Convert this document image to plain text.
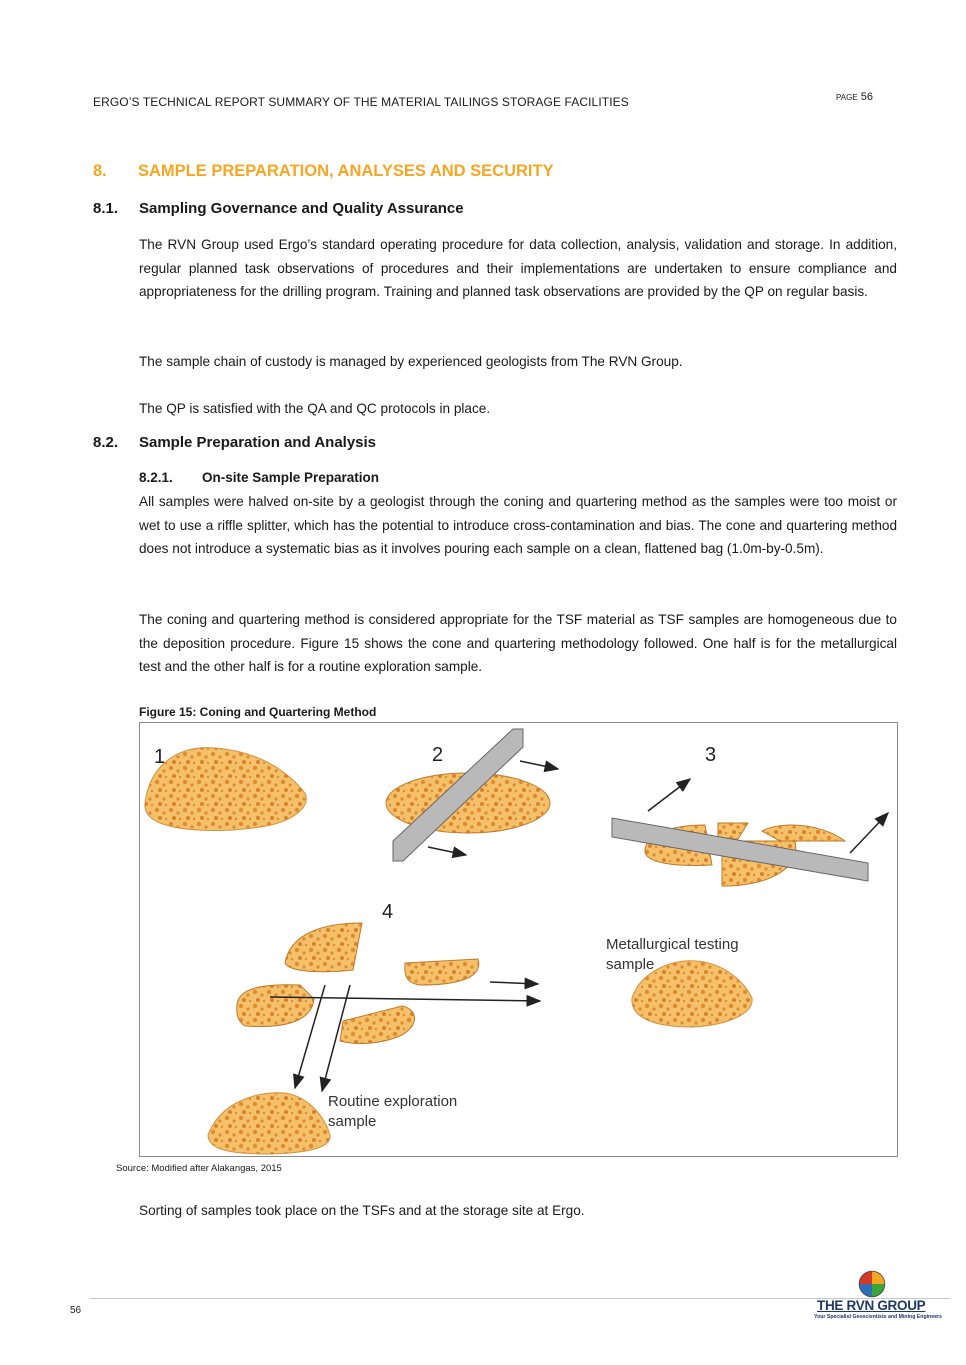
ERGO’S TECHNICAL REPORT SUMMARY OF THE MATERIAL TAILINGS STORAGE FACILITIES	PAGE 56
8. SAMPLE PREPARATION, ANALYSES AND SECURITY
8.1. Sampling Governance and Quality Assurance
The RVN Group used Ergo’s standard operating procedure for data collection, analysis, validation and storage. In addition, regular planned task observations of procedures and their implementations are undertaken to ensure compliance and appropriateness for the drilling program. Training and planned task observations are provided by the QP on regular basis.
The sample chain of custody is managed by experienced geologists from The RVN Group.
The QP is satisfied with the QA and QC protocols in place.
8.2. Sample Preparation and Analysis
8.2.1. On-site Sample Preparation
All samples were halved on-site by a geologist through the coning and quartering method as the samples were too moist or wet to use a riffle splitter, which has the potential to introduce cross-contamination and bias. The cone and quartering method does not introduce a systematic bias as it involves pouring each sample on a clean, flattened bag (1.0m-by-0.5m).
The coning and quartering method is considered appropriate for the TSF material as TSF samples are homogeneous due to the deposition procedure. Figure 15 shows the cone and quartering methodology followed. One half is for the metallurgical test and the other half is for a routine exploration sample.
Figure 15: Coning and Quartering Method
1	2	3
4
Metallurgical testing
sample
Routine exploration
sample
Source: Modified after Alakangas, 2015
Sorting of samples took place on the TSFs and at the storage site at Ergo.
56	THE RVN GROUP
Your Specialist Geoscientists and Mining Engineers
